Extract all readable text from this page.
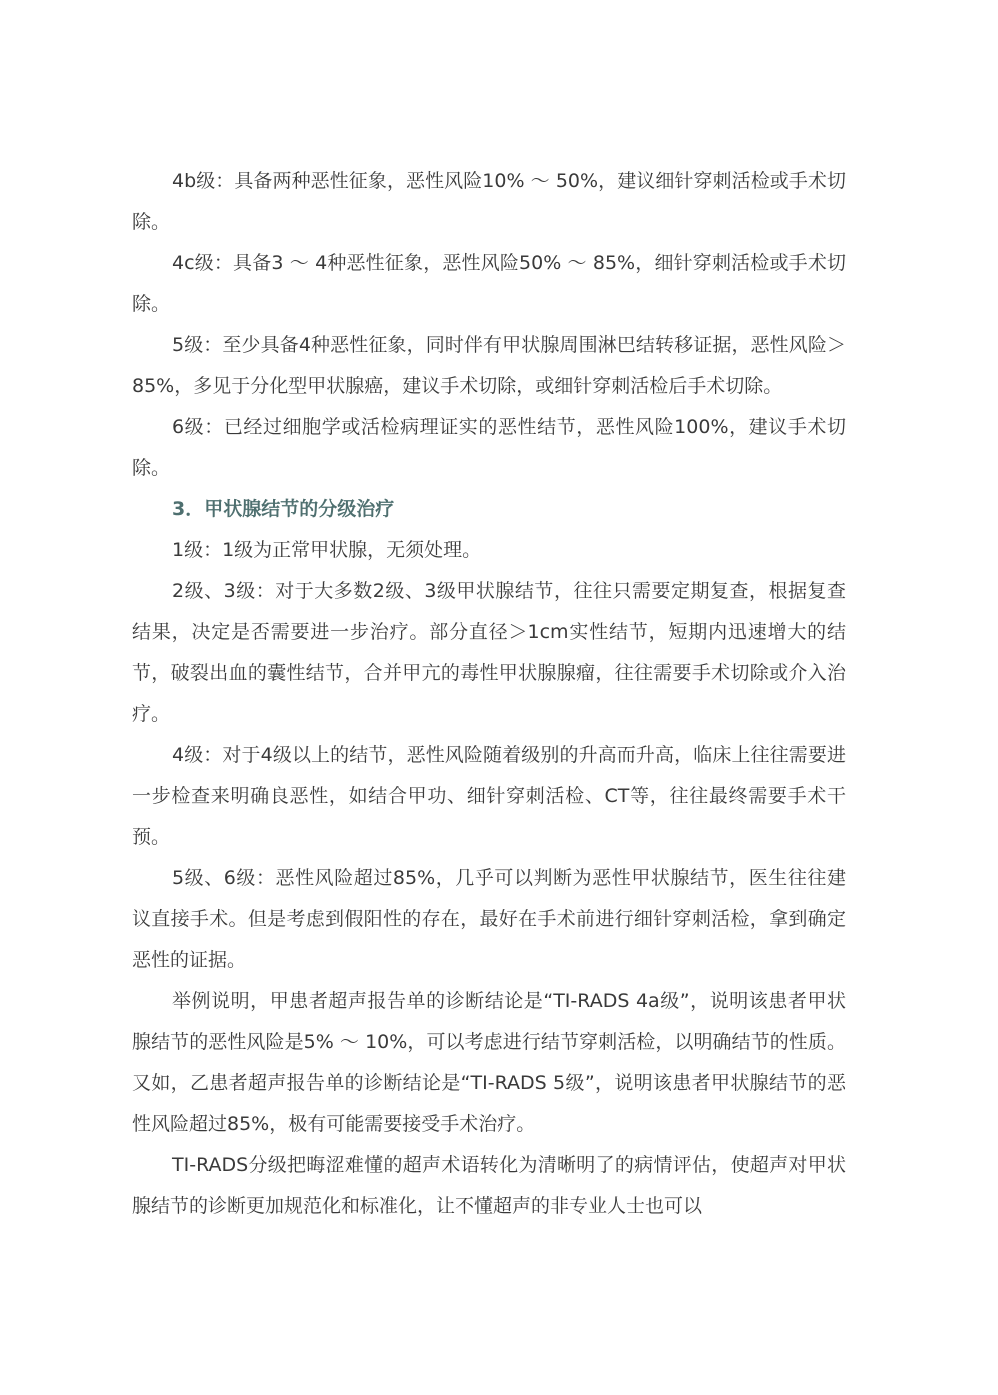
4b级：具备两种恶性征象，恶性风险10% ～ 50%，建议细针穿刺活检或手术切除。

4c级：具备3 ～ 4种恶性征象，恶性风险50% ～ 85%，细针穿刺活检或手术切除。

5级：至少具备4种恶性征象，同时伴有甲状腺周围淋巴结转移证据，恶性风险＞85%，多见于分化型甲状腺癌，建议手术切除，或细针穿刺活检后手术切除。

6级：已经过细胞学或活检病理证实的恶性结节，恶性风险100%，建议手术切除。

3．甲状腺结节的分级治疗

1级：1级为正常甲状腺，无须处理。

2级、3级：对于大多数2级、3级甲状腺结节，往往只需要定期复查，根据复查结果，决定是否需要进一步治疗。部分直径＞1cm实性结节，短期内迅速增大的结节，破裂出血的囊性结节，合并甲亢的毒性甲状腺腺瘤，往往需要手术切除或介入治疗。

4级：对于4级以上的结节，恶性风险随着级别的升高而升高，临床上往往需要进一步检查来明确良恶性，如结合甲功、细针穿刺活检、CT等，往往最终需要手术干预。

5级、6级：恶性风险超过85%，几乎可以判断为恶性甲状腺结节，医生往往建议直接手术。但是考虑到假阳性的存在，最好在手术前进行细针穿刺活检，拿到确定恶性的证据。

举例说明，甲患者超声报告单的诊断结论是“TI-RADS 4a级”，说明该患者甲状腺结节的恶性风险是5% ～ 10%，可以考虑进行结节穿刺活检，以明确结节的性质。又如，乙患者超声报告单的诊断结论是“TI-RADS 5级”，说明该患者甲状腺结节的恶性风险超过85%，极有可能需要接受手术治疗。

TI-RADS分级把晦涩难懂的超声术语转化为清晰明了的病情评估，使超声对甲状腺结节的诊断更加规范化和标准化，让不懂超声的非专业人士也可以
